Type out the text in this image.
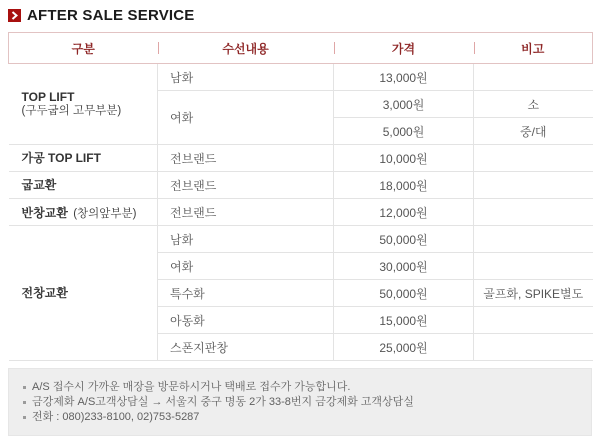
AFTER SALE SERVICE
구분	수선내용	가격	비고

TOP LIFT
(구두굽의 고무부분)	남화	13,000원	
	여화	3,000원	소
		5,000원	중/대

가공 TOP LIFT	전브랜드	10,000원	

굽교환	전브랜드	18,000원	
반창교환 (창의앞부분)	전브랜드	12,000원	

전창교환	남화	50,000원	
	여화	30,000원	
	특수화	50,000원	골프화, SPIKE별도
	아동화	15,000원	
	스폰지판창	25,000원	
A/S 접수시 가까운 매장을 방문하시거나 택배로 접수가 가능합니다.
금강제화 A/S고객상담실 → 서울지 중구 명동 2가 33-8번지 금강제화 고객상담실
전화 : 080)233-8100, 02)753-5287
